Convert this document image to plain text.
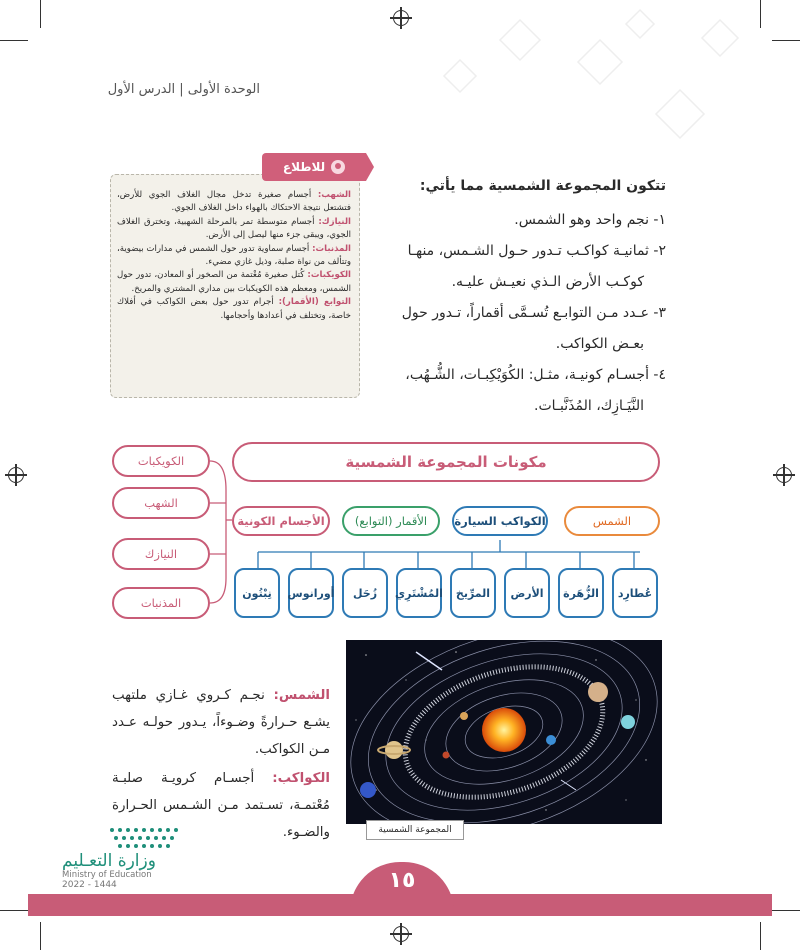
الوحدة الأولى | الدرس الأول

الشهب: أجسام صغيرة تدخل مجال الغلاف الجوي للأرض، فتشتعل نتيجة الاحتكاك بالهواء داخل الغلاف الجوي.

النيازك: أجسام متوسطة تمر بالمرحلة الشهبية، وتخترق الغلاف الجوي، ويبقى جزء منها ليصل إلى الأرض.

المذنبات: أجسام سماوية تدور حول الشمس في مدارات بيضوية، وتتألف من نواة صلبة، وذيل غازي مضيء.

الكويكبات: كُتل صغيرة مُعْتمة من الصخور أو المعادن، تدور حول الشمس، ومعظم هذه الكويكبات بين مداري المشتري والمريخ.

التوابع (الأقمار): أجرام تدور حول بعض الكواكب في أفلاك خاصة، وتختلف في أعدادها وأحجامها.

للاطلاع
تتكون المجموعة الشمسية مما يأتي:
١- نجم واحد وهو الشمس.
٢- ثمانيـة كواكـب تـدور حـول الشـمس، منهـا
كوكـب الأرض الـذي نعيـش عليـه.
٣- عـدد مـن التوابـع تُسـمَّى أقماراً، تـدور حول
بعـض الكواكب.
٤- أجسـام كونيـة، مثـل: الكُوَيْكِبـات، الشُّـهُب،
النَّيَـازِك، المُذَنَّبـات.
مكونات المجموعة الشمسية
الشمس
الكواكب السيارة
الأقمار (التوابع)
الأجسام الكونية
الكويكبات
الشهب
النيازك
المذنبات
عُطارِد
الزُّهَرة
الأرض
المرِّيخ
المُشْتَرِي
زُحَل
أورانوس
نِبْتُون
المجموعة الشمسية

الشمس: نجـم كـروي غـازي ملتهب يشـع حـرارةً وضـوءاً، يـدور حولـه عـدد مـن الكواكب.

الكواكب: أجسـام كرويـة صلبـة مُعْتمـة، تسـتمد مـن الشـمس الحـرارة والضـوء.

وزارة التعـليم
Ministry of Education
2022 - 1444	١٥
